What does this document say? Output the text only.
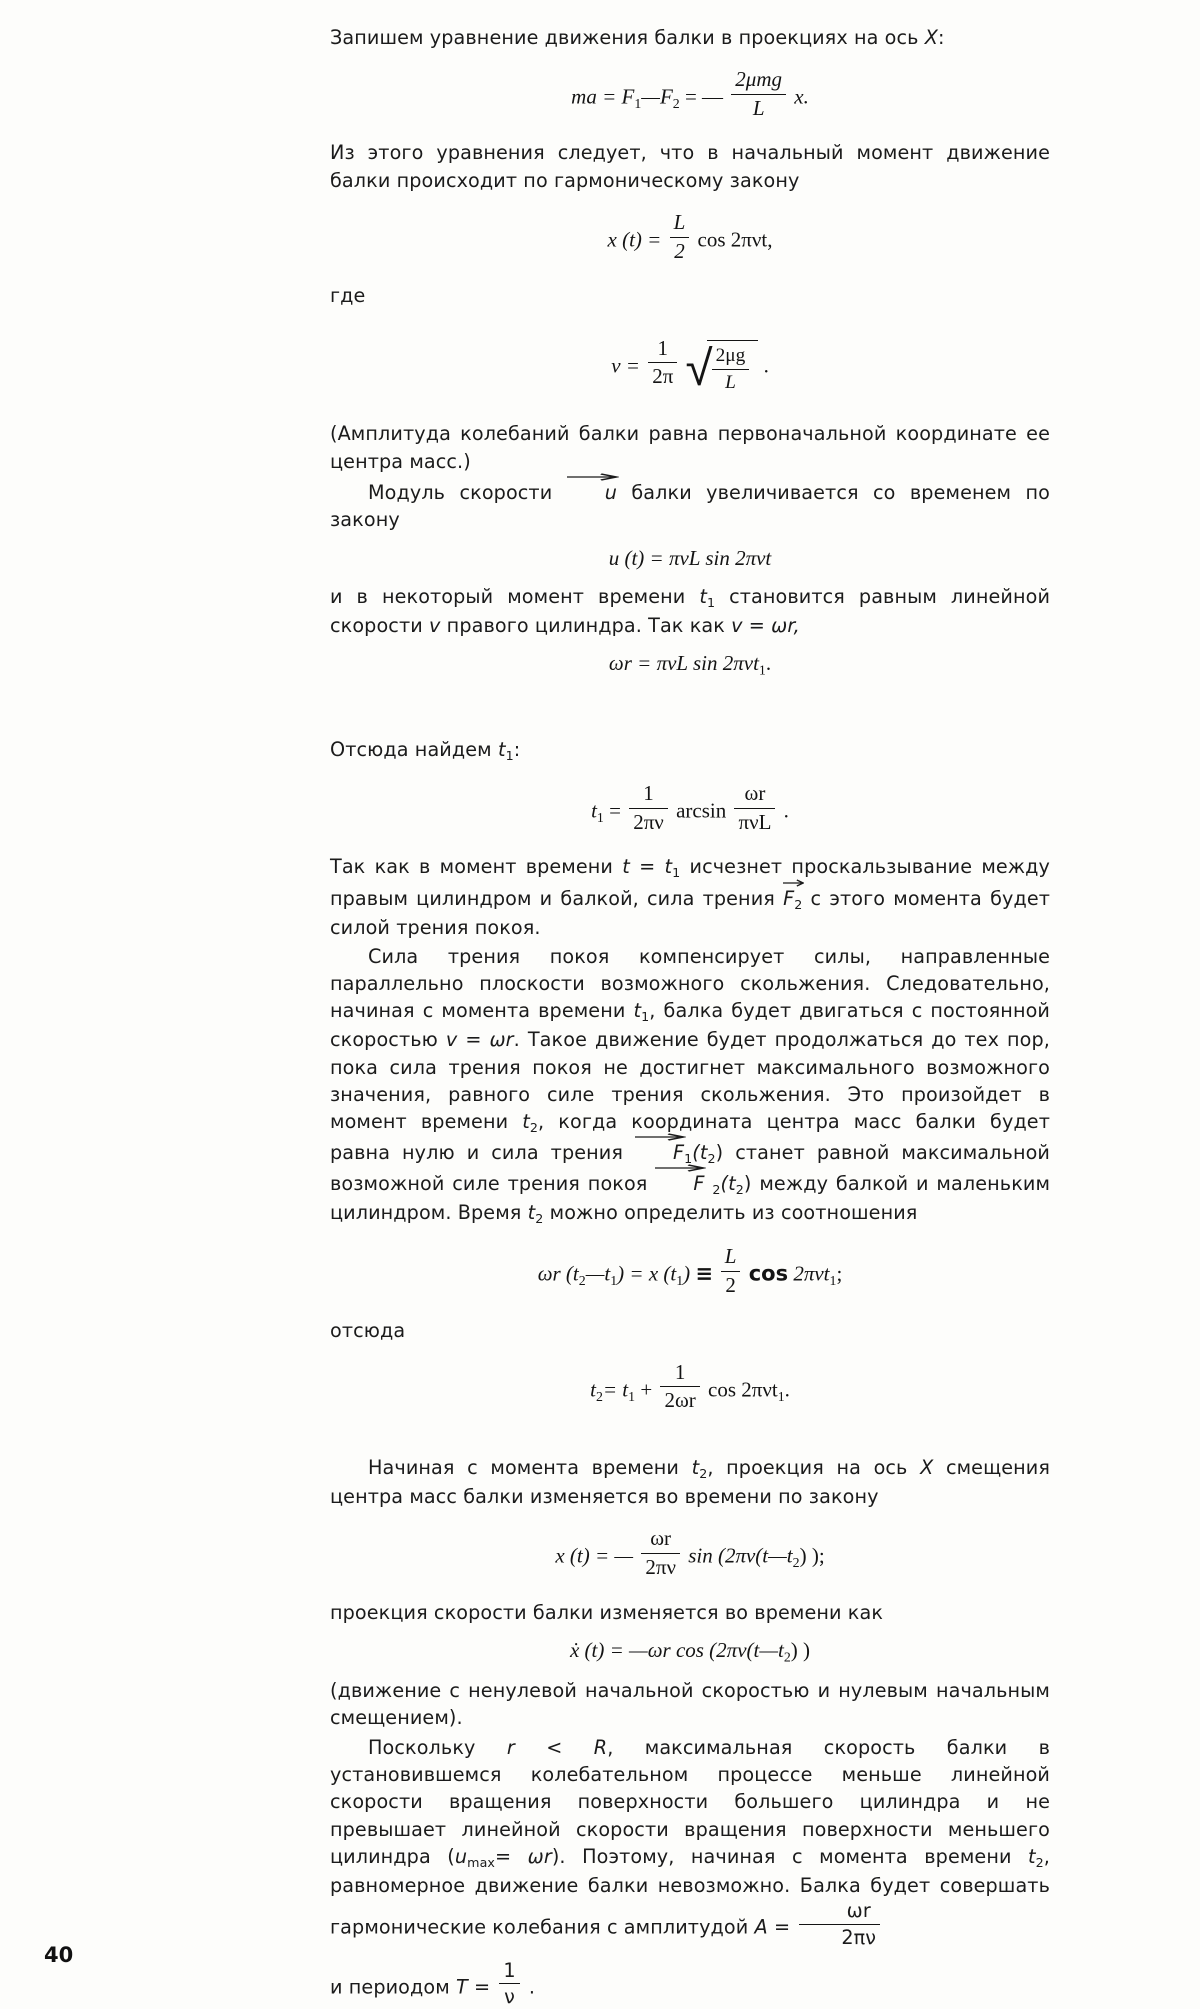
Запишем уравнение движения балки в проекциях на ось X:

ma = $F_1—F_2$ = — $\frac{\text{2μmg}}{L} x$.

Из этого уравнения следует, что в начальный момент движение балки происходит по гармоническому закону

x $(t) = \frac{L}{2}$ cos 2πνt,

где

$\nu = \frac{1}{2\pi}$ √ $\frac{2\mu g}{L}$ .

(Амплитуда колебаний балки равна первоначальной координате ее центра масс.)

Модуль скорости	u балки увеличивается со временем по закону

u (t) = πνL sin 2πνt

и в некоторый момент времени $t_1$ становится равным линейной скорости v правого цилиндра. Так как v = ωr,

ωr = πνL sin 2πνt$_1$.

Отсюда найдем $t_1$:

$t_1 = \frac{1}{2\pi\nu}$ $\arcsin \frac{\omega r}{\text{πνL}}$ .

Так как в момент времени $t = t_1$ исчезнет проскальзывание между правым цилиндром и балкой, сила трения $F_2$ с этого момента будет силой трения покоя.

Сила трения покоя компенсирует силы, направленные параллельно плоскости возможного скольжения. Следовательно, начиная с момента времени $t_1$, балка будет двигаться с постоянной скоростью v = ωr. Такое движение будет продолжаться до тех пор, пока сила трения покоя не достигнет максимального возможного значения, равного силе трения скольжения. Это произойдет в момент времени $t_2$, когда координата центра масс балки будет равна нулю и сила трения	$F_1(t_2)$ станет равной максимальной возможной силе трения покоя F $_2(t_2)$ между балкой и маленьким цилиндром. Время $t_2$ можно определить из соотношения

ωr $(t_2—t_1) = x$ $(t_1) \equiv \frac{L}{2}$ cos 2πνt$_1$;

отсюда

$t_2= t_1 + \frac{1}{2\omega r}$ cos 2πνt$_1$.

Начиная с момента времени $t_2$, проекция на ось X смещения центра масс балки изменяется во времени по закону

x (t) = — $\frac{\omega r}{2\pi\nu}$ $\sin (2\pi\nu(t—t_2)$ );

проекция скорости балки изменяется во времени как

ẋ (t) = —ωr $\cos (2\pi\nu(t—t_2)$ )

(движение с ненулевой начальной скоростью и нулевым начальным смещением).

Поскольку r < R, максимальная скорость балки в установившемся колебательном процессе меньше линейной скорости вращения поверхности большего цилиндра и не превышает линейной скорости вращения поверхности меньшего цилиндра $(u_{max}= \omega r)$. Поэтому, начиная с момента времени $t_2$, равномерное движение балки невозможно. Балка будет совершать гармонические колебания с амплитудой $A = \frac{\omega r}{2\pi\nu}$

и периодом $T = \frac{1}{\nu}$ .

40
